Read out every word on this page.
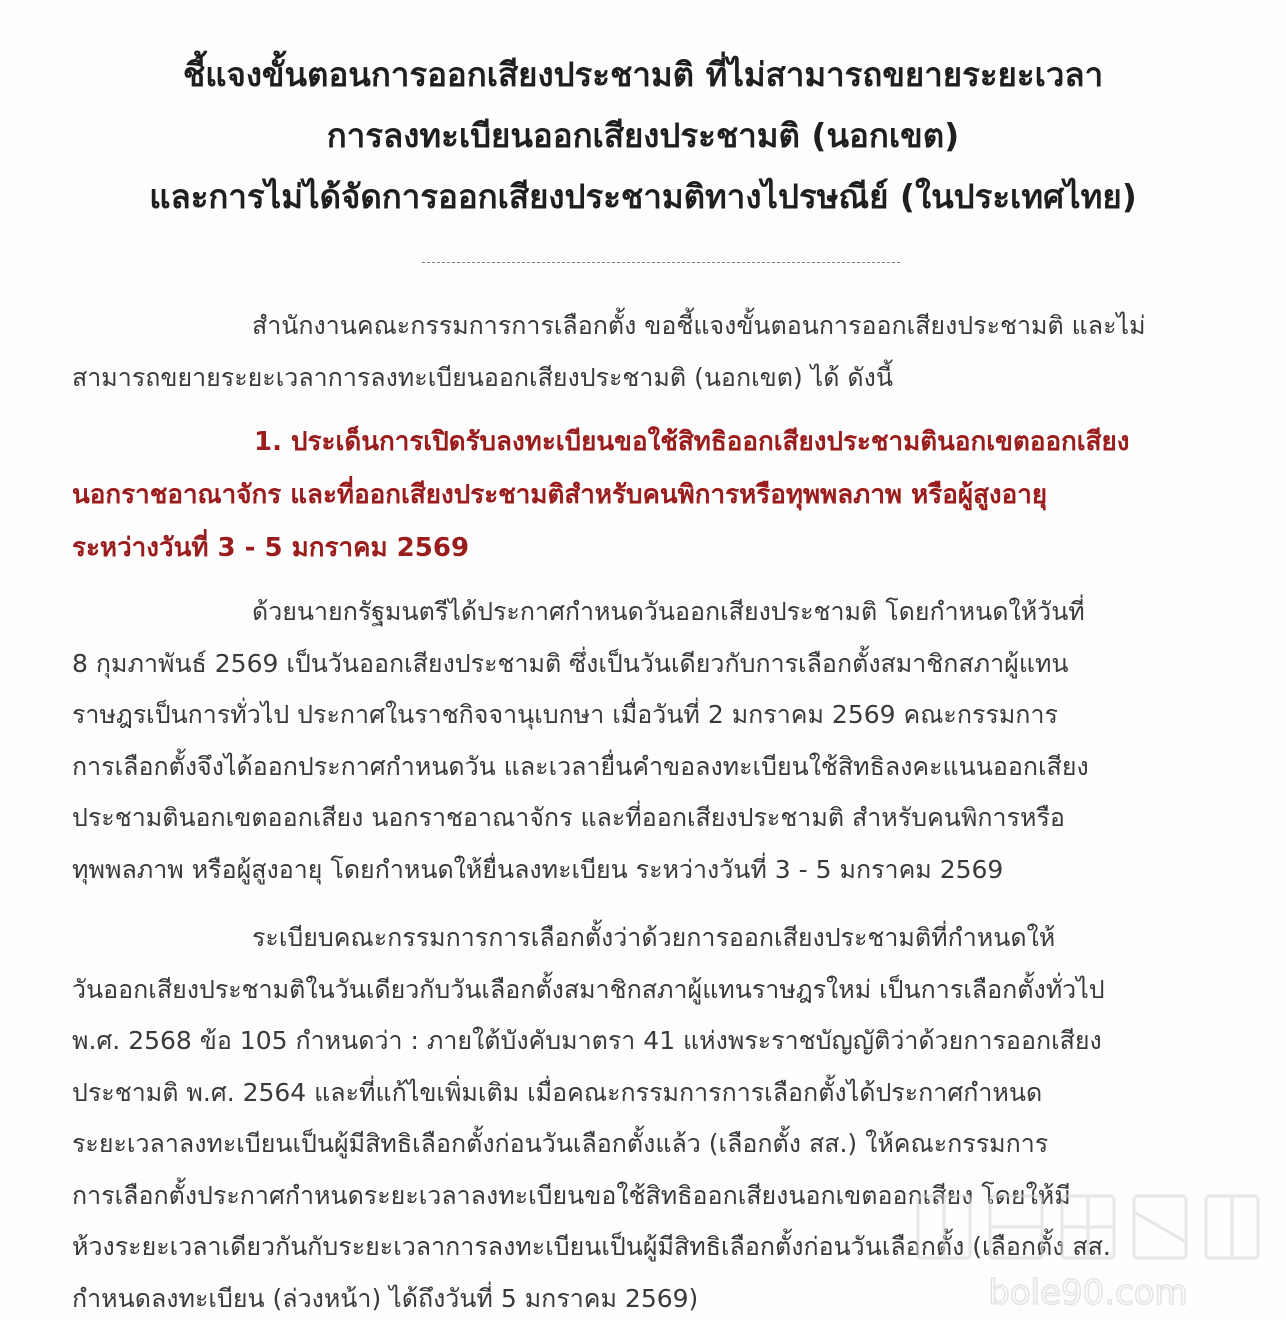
ชี้แจงขั้นตอนการออกเสียงประชามติ ที่ไม่สามารถขยายระยะเวลา
การลงทะเบียนออกเสียงประชามติ (นอกเขต)
และการไม่ได้จัดการออกเสียงประชามติทางไปรษณีย์ (ในประเทศไทย)
สำนักงานคณะกรรมการการเลือกตั้ง ขอชี้แจงขั้นตอนการออกเสียงประชามติ และไม่
สามารถขยายระยะเวลาการลงทะเบียนออกเสียงประชามติ (นอกเขต) ได้ ดังนี้
1. ประเด็นการเปิดรับลงทะเบียนขอใช้สิทธิออกเสียงประชามตินอกเขตออกเสียง
นอกราชอาณาจักร และที่ออกเสียงประชามติสำหรับคนพิการหรือทุพพลภาพ หรือผู้สูงอายุ
ระหว่างวันที่ 3 - 5 มกราคม 2569
ด้วยนายกรัฐมนตรีได้ประกาศกำหนดวันออกเสียงประชามติ โดยกำหนดให้วันที่
8 กุมภาพันธ์ 2569 เป็นวันออกเสียงประชามติ ซึ่งเป็นวันเดียวกับการเลือกตั้งสมาชิกสภาผู้แทน
ราษฎรเป็นการทั่วไป ประกาศในราชกิจจานุเบกษา เมื่อวันที่ 2 มกราคม 2569 คณะกรรมการ
การเลือกตั้งจึงได้ออกประกาศกำหนดวัน และเวลายื่นคำขอลงทะเบียนใช้สิทธิลงคะแนนออกเสียง
ประชามตินอกเขตออกเสียง นอกราชอาณาจักร และที่ออกเสียงประชามติ สำหรับคนพิการหรือ
ทุพพลภาพ หรือผู้สูงอายุ โดยกำหนดให้ยื่นลงทะเบียน ระหว่างวันที่ 3 - 5 มกราคม 2569
ระเบียบคณะกรรมการการเลือกตั้งว่าด้วยการออกเสียงประชามติที่กำหนดให้
วันออกเสียงประชามติในวันเดียวกับวันเลือกตั้งสมาชิกสภาผู้แทนราษฎรใหม่ เป็นการเลือกตั้งทั่วไป
พ.ศ. 2568 ข้อ 105 กำหนดว่า : ภายใต้บังคับมาตรา 41 แห่งพระราชบัญญัติว่าด้วยการออกเสียง
ประชามติ พ.ศ. 2564 และที่แก้ไขเพิ่มเติม เมื่อคณะกรรมการการเลือกตั้งได้ประกาศกำหนด
ระยะเวลาลงทะเบียนเป็นผู้มีสิทธิเลือกตั้งก่อนวันเลือกตั้งแล้ว (เลือกตั้ง สส.) ให้คณะกรรมการ
การเลือกตั้งประกาศกำหนดระยะเวลาลงทะเบียนขอใช้สิทธิออกเสียงนอกเขตออกเสียง โดยให้มี
ห้วงระยะเวลาเดียวกันกับระยะเวลาการลงทะเบียนเป็นผู้มีสิทธิเลือกตั้งก่อนวันเลือกตั้ง (เลือกตั้ง สส.
กำหนดลงทะเบียน (ล่วงหน้า) ได้ถึงวันที่ 5 มกราคม 2569)	bole90.com
